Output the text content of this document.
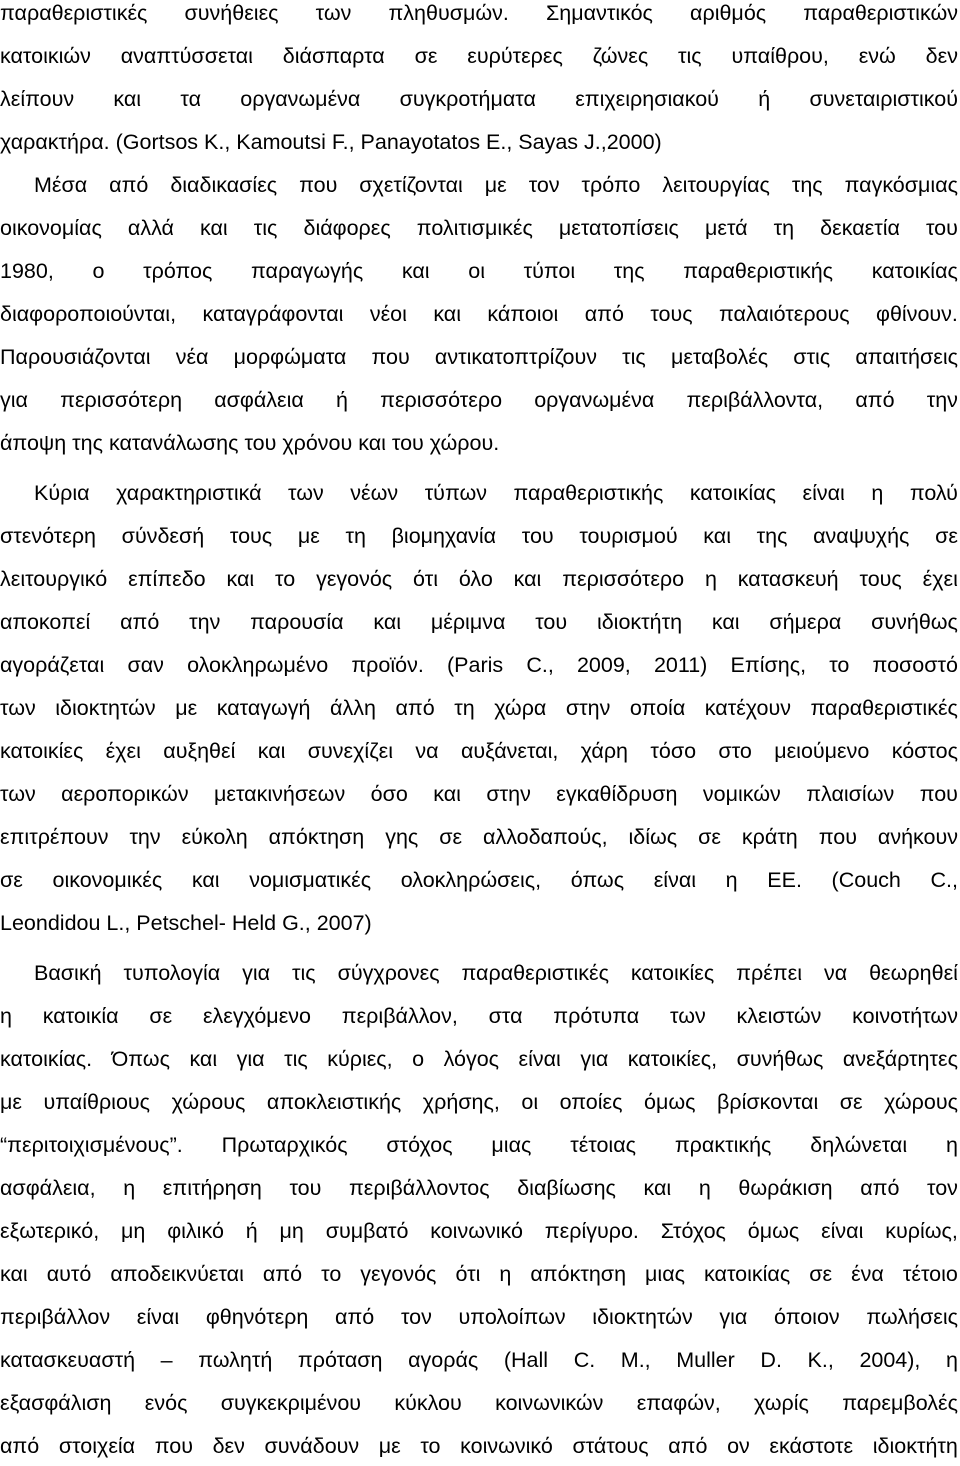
παραθεριστικές συνήθειες των πληθυσμών. Σημαντικός αριθμός παραθεριστικών
κατοικιών αναπτύσσεται διάσπαρτα σε ευρύτερες ζώνες τις υπαίθρου, ενώ δεν
λείπουν και τα οργανωμένα συγκροτήματα επιχειρησιακού ή συνεταιριστικού
χαρακτήρα. (Gortsos K., Kamoutsi F., Panayotatos E., Sayas J.,2000)
Μέσα από διαδικασίες που σχετίζονται με τον τρόπο λειτουργίας της παγκόσμιας
οικονομίας αλλά και τις διάφορες πολιτισμικές μετατοπίσεις μετά τη δεκαετία του
1980, ο τρόπος παραγωγής και οι τύποι της παραθεριστικής κατοικίας
διαφοροποιούνται, καταγράφονται νέοι και κάποιοι από τους παλαιότερους φθίνουν.
Παρουσιάζονται νέα μορφώματα που αντικατοπτρίζουν τις μεταβολές στις απαιτήσεις
για περισσότερη ασφάλεια ή περισσότερο οργανωμένα περιβάλλοντα, από την
άποψη της κατανάλωσης του χρόνου και του χώρου.
Κύρια χαρακτηριστικά των νέων τύπων παραθεριστικής κατοικίας είναι η πολύ
στενότερη σύνδεσή τους με τη βιομηχανία του τουρισμού και της αναψυχής σε
λειτουργικό επίπεδο και το γεγονός ότι όλο και περισσότερο η κατασκευή τους έχει
αποκοπεί από την παρουσία και μέριμνα του ιδιοκτήτη και σήμερα συνήθως
αγοράζεται σαν ολοκληρωμένο προϊόν. (Paris C., 2009, 2011) Επίσης, το ποσοστό
των ιδιοκτητών με καταγωγή άλλη από τη χώρα στην οποία κατέχουν παραθεριστικές
κατοικίες έχει αυξηθεί και συνεχίζει να αυξάνεται, χάρη τόσο στο μειούμενο κόστος
των αεροπορικών μετακινήσεων όσο και στην εγκαθίδρυση νομικών πλαισίων που
επιτρέπουν την εύκολη απόκτηση γης σε αλλοδαπούς, ιδίως σε κράτη που ανήκουν
σε οικονομικές και νομισματικές ολοκληρώσεις, όπως είναι η ΕΕ. (Couch C.,
Leondidou L., Petschel- Held G., 2007)
Βασική τυπολογία για τις σύγχρονες παραθεριστικές κατοικίες πρέπει να θεωρηθεί
η κατοικία σε ελεγχόμενο περιβάλλον, στα πρότυπα των κλειστών κοινοτήτων
κατοικίας. Όπως και για τις κύριες, ο λόγος είναι για κατοικίες, συνήθως ανεξάρτητες
με υπαίθριους χώρους αποκλειστικής χρήσης, οι οποίες όμως βρίσκονται σε χώρους
“περιτοιχισμένους”. Πρωταρχικός στόχος μιας τέτοιας πρακτικής δηλώνεται η
ασφάλεια, η επιτήρηση του περιβάλλοντος διαβίωσης και η θωράκιση από τον
εξωτερικό, μη φιλικό ή μη συμβατό κοινωνικό περίγυρο. Στόχος όμως είναι κυρίως,
και αυτό αποδεικνύεται από το γεγονός ότι η απόκτηση μιας κατοικίας σε ένα τέτοιο
περιβάλλον είναι φθηνότερη από τον υπολοίπων ιδιοκτητών για όποιον πωλήσεις
κατασκευαστή – πωλητή πρόταση αγοράς (Hall C. M., Muller D. K., 2004), η
εξασφάλιση ενός συγκεκριμένου κύκλου κοινωνικών επαφών, χωρίς παρεμβολές
από στοιχεία που δεν συνάδουν με το κοινωνικό στάτους από ον εκάστοτε ιδιοκτήτη
